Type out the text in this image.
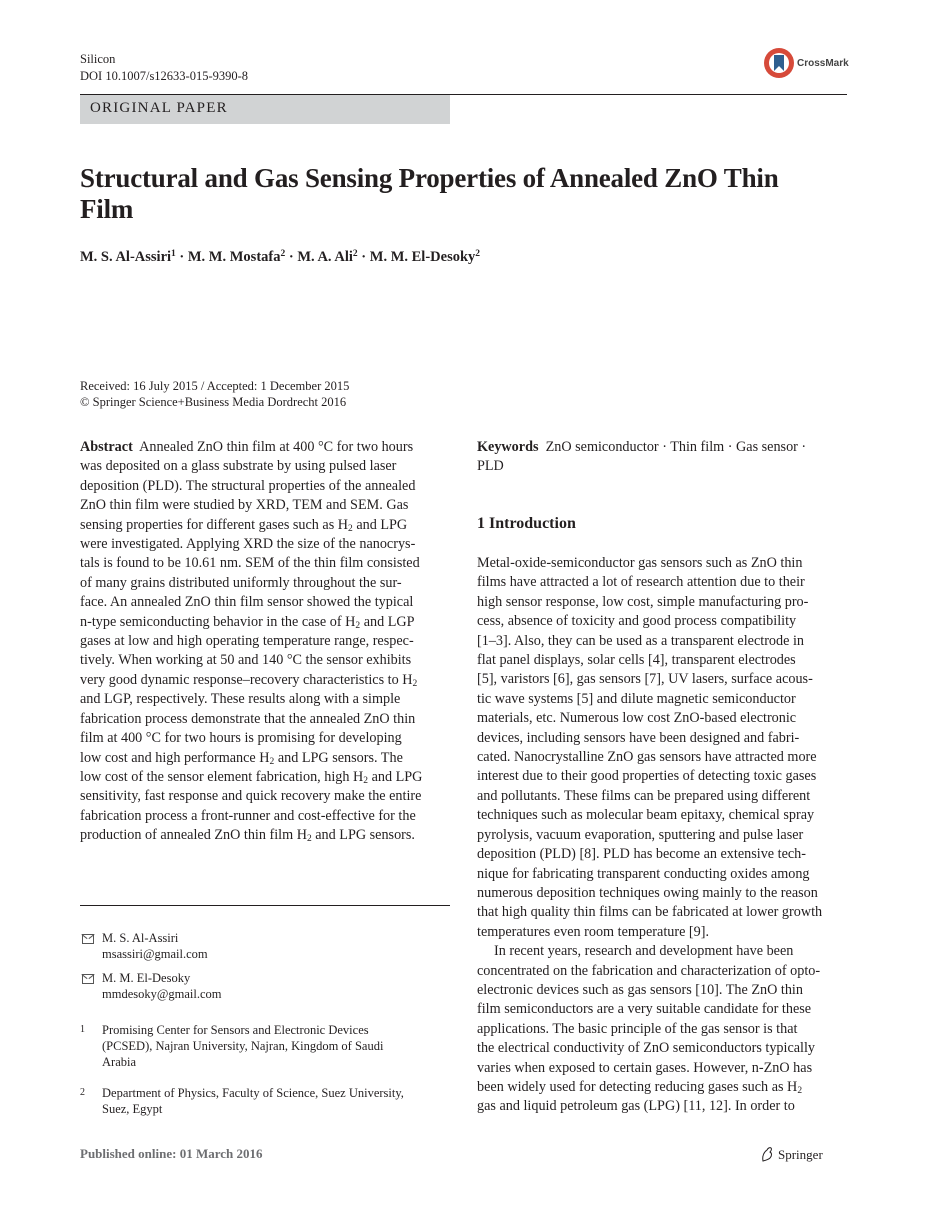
Silicon
DOI 10.1007/s12633-015-9390-8
CrossMark
ORIGINAL PAPER
Structural and Gas Sensing Properties of Annealed ZnO Thin Film
M. S. Al-Assiri$^1$ · M. M. Mostafa$^2$ · M. A. Ali$^2$ · M. M. El-Desoky$^2$
Received: 16 July 2015 / Accepted: 1 December 2015
© Springer Science+Business Media Dordrecht 2016
Abstract Annealed ZnO thin film at 400 °C for two hours
was deposited on a glass substrate by using pulsed laser
deposition (PLD). The structural properties of the annealed
ZnO thin film were studied by XRD, TEM and SEM. Gas
sensing properties for different gases such as $H_2$ and LPG
were investigated. Applying XRD the size of the nanocrys-
tals is found to be 10.61 nm. SEM of the thin film consisted
of many grains distributed uniformly throughout the sur-
face. An annealed ZnO thin film sensor showed the typical
n-type semiconducting behavior in the case of $H_2$ and LGP
gases at low and high operating temperature range, respec-
tively. When working at 50 and 140 °C the sensor exhibits
very good dynamic response–recovery characteristics to $H_2$
and LGP, respectively. These results along with a simple
fabrication process demonstrate that the annealed ZnO thin
film at 400 °C for two hours is promising for developing
low cost and high performance $H_2$ and LPG sensors. The
low cost of the sensor element fabrication, high $H_2$ and LPG
sensitivity, fast response and quick recovery make the entire
fabrication process a front-runner and cost-effective for the
production of annealed ZnO thin film $H_2$ and LPG sensors.
Keywords ZnO semiconductor · Thin film · Gas sensor ·
PLD
1 Introduction
Metal-oxide-semiconductor gas sensors such as ZnO thin
films have attracted a lot of research attention due to their
high sensor response, low cost, simple manufacturing pro-
cess, absence of toxicity and good process compatibility
[1–3]. Also, they can be used as a transparent electrode in
flat panel displays, solar cells [4], transparent electrodes
[5], varistors [6], gas sensors [7], UV lasers, surface acous-
tic wave systems [5] and dilute magnetic semiconductor
materials, etc. Numerous low cost ZnO-based electronic
devices, including sensors have been designed and fabri-
cated. Nanocrystalline ZnO gas sensors have attracted more
interest due to their good properties of detecting toxic gases
and pollutants. These films can be prepared using different
techniques such as molecular beam epitaxy, chemical spray
pyrolysis, vacuum evaporation, sputtering and pulse laser
deposition (PLD) [8]. PLD has become an extensive tech-
nique for fabricating transparent conducting oxides among
numerous deposition techniques owing mainly to the reason
that high quality thin films can be fabricated at lower growth
temperatures even room temperature [9].
In recent years, research and development have been
concentrated on the fabrication and characterization of opto-
electronic devices such as gas sensors [10]. The ZnO thin
film semiconductors are a very suitable candidate for these
applications. The basic principle of the gas sensor is that
the electrical conductivity of ZnO semiconductors typically
varies when exposed to certain gases. However, n-ZnO has
been widely used for detecting reducing gases such as $H_2$
gas and liquid petroleum gas (LPG) [11, 12]. In order to
M. S. Al-Assiri
msassiri@gmail.com
M. M. El-Desoky
mmdesoky@gmail.com
1 Promising Center for Sensors and Electronic Devices
(PCSED), Najran University, Najran, Kingdom of Saudi
Arabia
2 Department of Physics, Faculty of Science, Suez University,
Suez, Egypt
Published online: 01 March 2016	Springer
